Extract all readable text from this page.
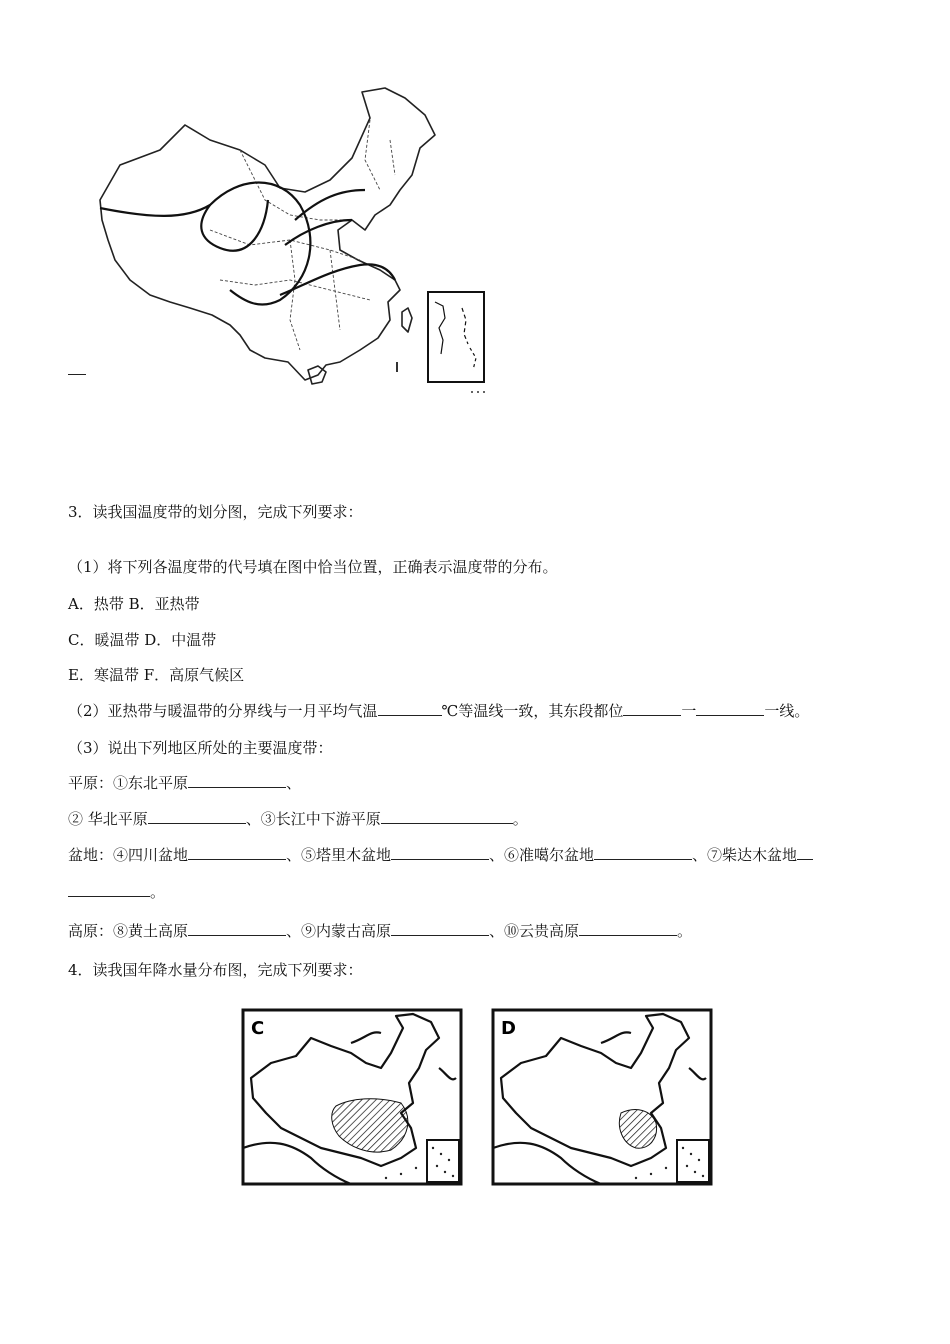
3．读我国温度带的划分图，完成下列要求：
（1）将下列各温度带的代号填在图中恰当位置，正确表示温度带的分布。
A．热带 B．亚热带
C．暖温带 D．中温带
E．寒温带 F．高原气候区
（2）亚热带与暖温带的分界线与一月平均气温	℃等温线一致，其东段都位	一	一线。
（3）说出下列地区所处的主要温度带：
平原：①东北平原	、
② 华北平原	、③长江中下游平原	。
盆地：④四川盆地	、⑤塔里木盆地	、⑥准噶尔盆地	、⑦柴达木盆地
。
高原：⑧黄土高原	、⑨内蒙古高原	、⑩云贵高原	。
4．读我国年降水量分布图，完成下列要求：
C	D
